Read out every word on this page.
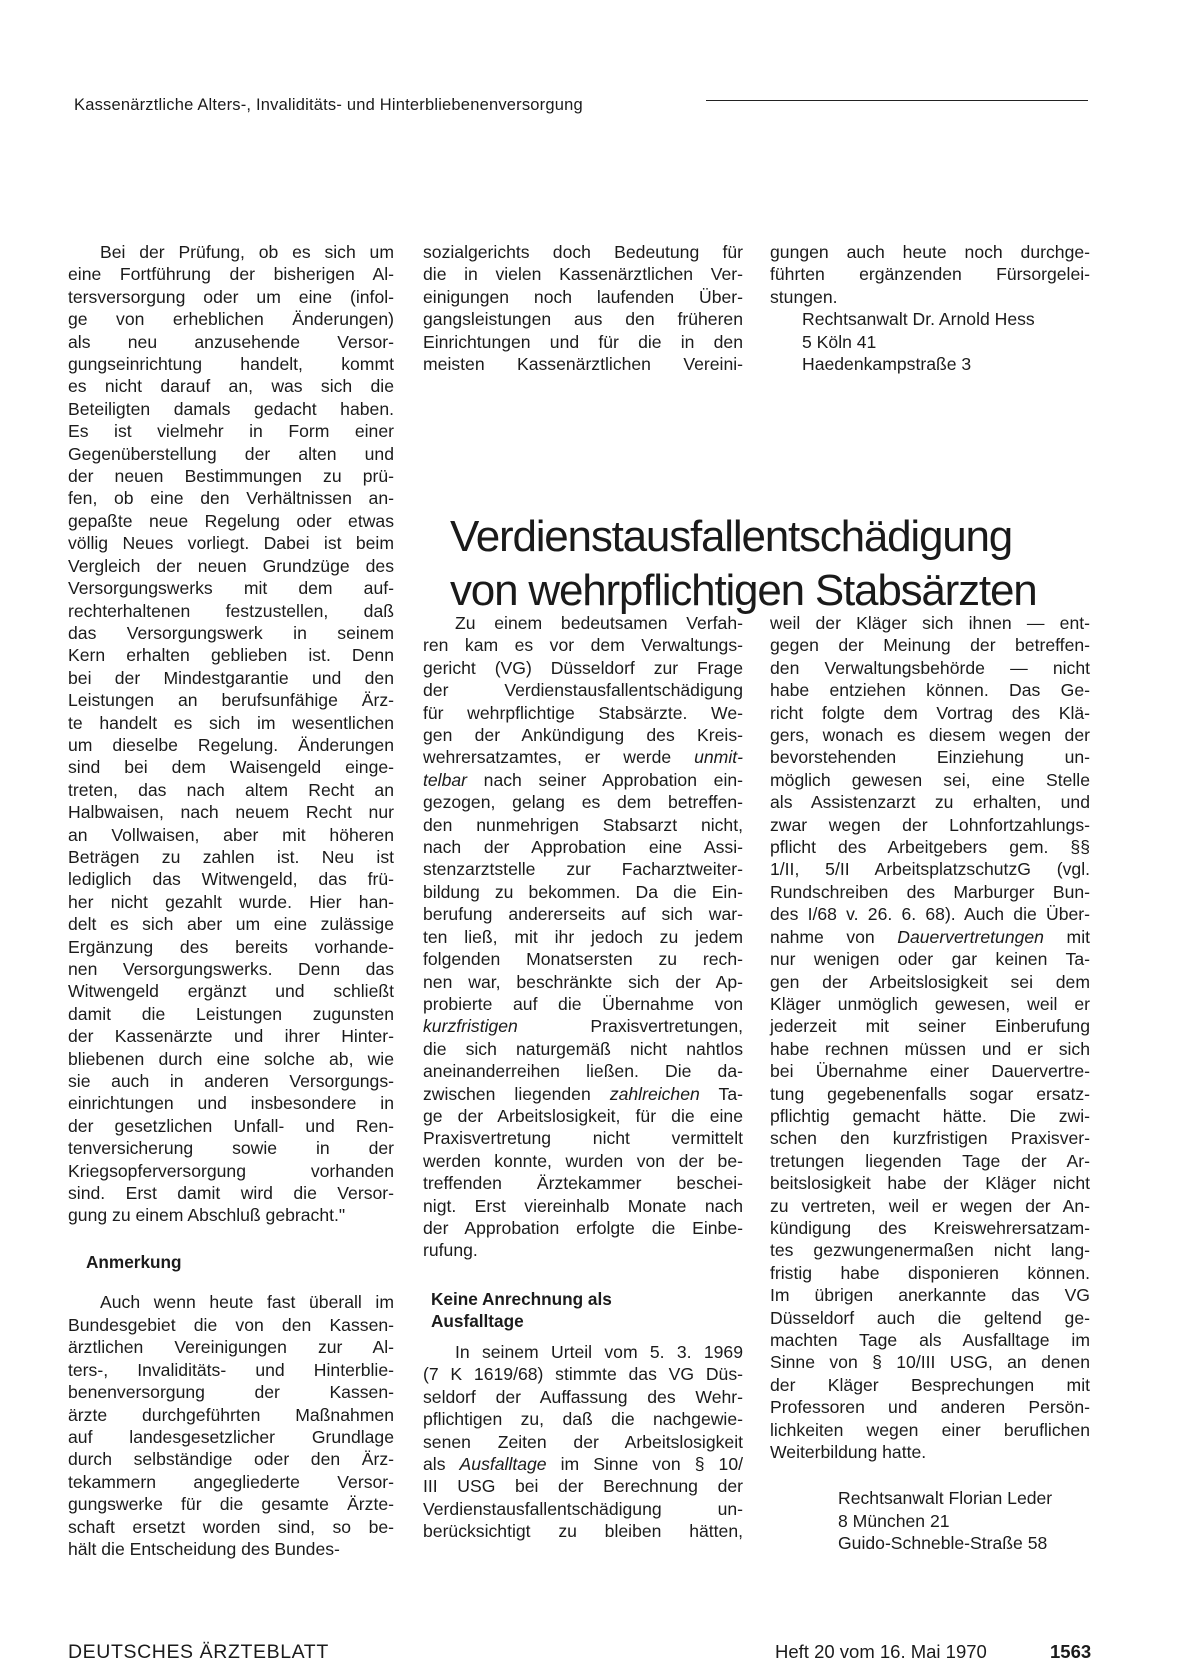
Kassenärztliche Alters-, Invaliditäts- und Hinterbliebenenversorgung

Bei der Prüfung, ob es sich um
eine Fortführung der bisherigen Al-
tersversorgung oder um eine (infol-
ge von erheblichen Änderungen)
als neu anzusehende Versor-
gungseinrichtung handelt, kommt
es nicht darauf an, was sich die
Beteiligten damals gedacht haben.
Es ist vielmehr in Form einer
Gegenüberstellung der alten und
der neuen Bestimmungen zu prü-
fen, ob eine den Verhältnissen an-
gepaßte neue Regelung oder etwas
völlig Neues vorliegt. Dabei ist beim
Vergleich der neuen Grundzüge des
Versorgungswerks mit dem auf-
rechterhaltenen festzustellen, daß
das Versorgungswerk in seinem
Kern erhalten geblieben ist. Denn
bei der Mindestgarantie und den
Leistungen an berufsunfähige Ärz-
te handelt es sich im wesentlichen
um dieselbe Regelung. Änderungen
sind bei dem Waisengeld einge-
treten, das nach altem Recht an
Halbwaisen, nach neuem Recht nur
an Vollwaisen, aber mit höheren
Beträgen zu zahlen ist. Neu ist
lediglich das Witwengeld, das frü-
her nicht gezahlt wurde. Hier han-
delt es sich aber um eine zulässige
Ergänzung des bereits vorhande-
nen Versorgungswerks. Denn das
Witwengeld ergänzt und schließt
damit die Leistungen zugunsten
der Kassenärzte und ihrer Hinter-
bliebenen durch eine solche ab, wie
sie auch in anderen Versorgungs-
einrichtungen und insbesondere in
der gesetzlichen Unfall- und Ren-
tenversicherung sowie in der
Kriegsopferversorgung vorhanden
sind. Erst damit wird die Versor-
gung zu einem Abschluß gebracht."

Anmerkung

Auch wenn heute fast überall im
Bundesgebiet die von den Kassen-
ärztlichen Vereinigungen zur Al-
ters-, Invaliditäts- und Hinterblie-
benenversorgung der Kassen-
ärzte durchgeführten Maßnahmen
auf landesgesetzlicher Grundlage
durch selbständige oder den Ärz-
tekammern angegliederte Versor-
gungswerke für die gesamte Ärzte-
schaft ersetzt worden sind, so be-
hält die Entscheidung des Bundes-

sozialgerichts doch Bedeutung für
die in vielen Kassenärztlichen Ver-
einigungen noch laufenden Über-
gangsleistungen aus den früheren
Einrichtungen und für die in den
meisten Kassenärztlichen Vereini-

gungen auch heute noch durchge-
führten ergänzenden Fürsorgelei-
stungen.

Rechtsanwalt Dr. Arnold Hess
5 Köln 41
Haedenkampstraße 3

Verdienstausfallentschädigung
von wehrpflichtigen Stabsärzten

Zu einem bedeutsamen Verfah-
ren kam es vor dem Verwaltungs-
gericht (VG) Düsseldorf zur Frage
der Verdienstausfallentschädigung
für wehrpflichtige Stabsärzte. We-
gen der Ankündigung des Kreis-
wehrersatzamtes, er werde unmit-
telbar nach seiner Approbation ein-
gezogen, gelang es dem betreffen-
den nunmehrigen Stabsarzt nicht,
nach der Approbation eine Assi-
stenzarztstelle zur Facharztweiter-
bildung zu bekommen. Da die Ein-
berufung andererseits auf sich war-
ten ließ, mit ihr jedoch zu jedem
folgenden Monatsersten zu rech-
nen war, beschränkte sich der Ap-
probierte auf die Übernahme von
kurzfristigen Praxisvertretungen,
die sich naturgemäß nicht nahtlos
aneinanderreihen ließen. Die da-
zwischen liegenden zahlreichen Ta-
ge der Arbeitslosigkeit, für die eine
Praxisvertretung nicht vermittelt
werden konnte, wurden von der be-
treffenden Ärztekammer beschei-
nigt. Erst viereinhalb Monate nach
der Approbation erfolgte die Einbe-
rufung.

Keine Anrechnung als
Ausfalltage

In seinem Urteil vom 5. 3. 1969
(7 K 1619/68) stimmte das VG Düs-
seldorf der Auffassung des Wehr-
pflichtigen zu, daß die nachgewie-
senen Zeiten der Arbeitslosigkeit
als Ausfalltage im Sinne von § 10/
III USG bei der Berechnung der
Verdienstausfallentschädigung un-
berücksichtigt zu bleiben hätten,

weil der Kläger sich ihnen — ent-
gegen der Meinung der betreffen-
den Verwaltungsbehörde — nicht
habe entziehen können. Das Ge-
richt folgte dem Vortrag des Klä-
gers, wonach es diesem wegen der
bevorstehenden Einziehung un-
möglich gewesen sei, eine Stelle
als Assistenzarzt zu erhalten, und
zwar wegen der Lohnfortzahlungs-
pflicht des Arbeitgebers gem. §§
1/II, 5/II ArbeitsplatzschutzG (vgl.
Rundschreiben des Marburger Bun-
des I/68 v. 26. 6. 68). Auch die Über-
nahme von Dauervertretungen mit
nur wenigen oder gar keinen Ta-
gen der Arbeitslosigkeit sei dem
Kläger unmöglich gewesen, weil er
jederzeit mit seiner Einberufung
habe rechnen müssen und er sich
bei Übernahme einer Dauervertre-
tung gegebenenfalls sogar ersatz-
pflichtig gemacht hätte. Die zwi-
schen den kurzfristigen Praxisver-
tretungen liegenden Tage der Ar-
beitslosigkeit habe der Kläger nicht
zu vertreten, weil er wegen der An-
kündigung des Kreiswehrersatzam-
tes gezwungenermaßen nicht lang-
fristig habe disponieren können.
Im übrigen anerkannte das VG
Düsseldorf auch die geltend ge-
machten Tage als Ausfalltage im
Sinne von § 10/III USG, an denen
der Kläger Besprechungen mit
Professoren und anderen Persön-
lichkeiten wegen einer beruflichen
Weiterbildung hatte.

Rechtsanwalt Florian Leder
8 München 21
Guido-Schneble-Straße 58

DEUTSCHES ÄRZTEBLATT	Heft 20 vom 16. Mai 1970	1563
